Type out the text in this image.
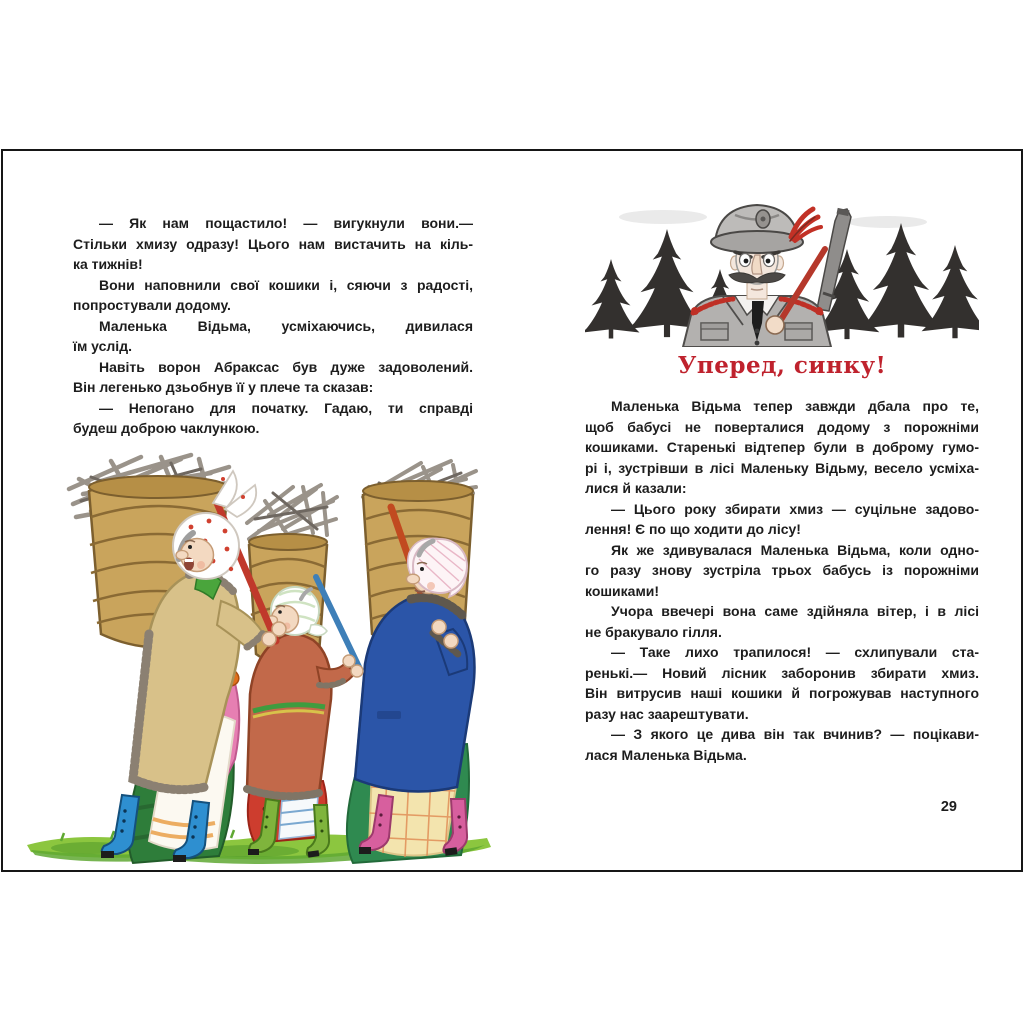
— Як нам пощастило! — вигукнули вони.—
Стільки хмизу одразу! Цього нам вистачить на кіль-
ка тижнів!
Вони наповнили свої кошики і, сяючи з радості,
попростували додому.
Маленька Відьма, усміхаючись, дивилася
їм услід.
Навіть ворон Абраксас був дуже задоволений.
Він легенько дзьобнув її у плече та сказав:
— Непогано для початку. Гадаю, ти справді
будеш доброю чаклункою.
Уперед, синку!
Маленька Відьма тепер завжди дбала про те,
щоб бабусі не поверталися додому з порожніми
кошиками. Старенькі відтепер були в доброму гумо-
рі і, зустрівши в лісі Маленьку Відьму, весело усміха-
лися й казали:
— Цього року збирати хмиз — суцільне задово-
лення! Є по що ходити до лісу!
Як же здивувалася Маленька Відьма, коли одно-
го разу знову зустріла трьох бабусь із порожніми
кошиками!
Учора ввечері вона саме здійняла вітер, і в лісі
не бракувало гілля.
— Таке лихо трапилося! — схлипували ста-
ренькі.— Новий лісник заборонив збирати хмиз.
Він витрусив наші кошики й погрожував наступного
разу нас заарештувати.
— З якого це дива він так вчинив? — поцікави-
лася Маленька Відьма.
29
